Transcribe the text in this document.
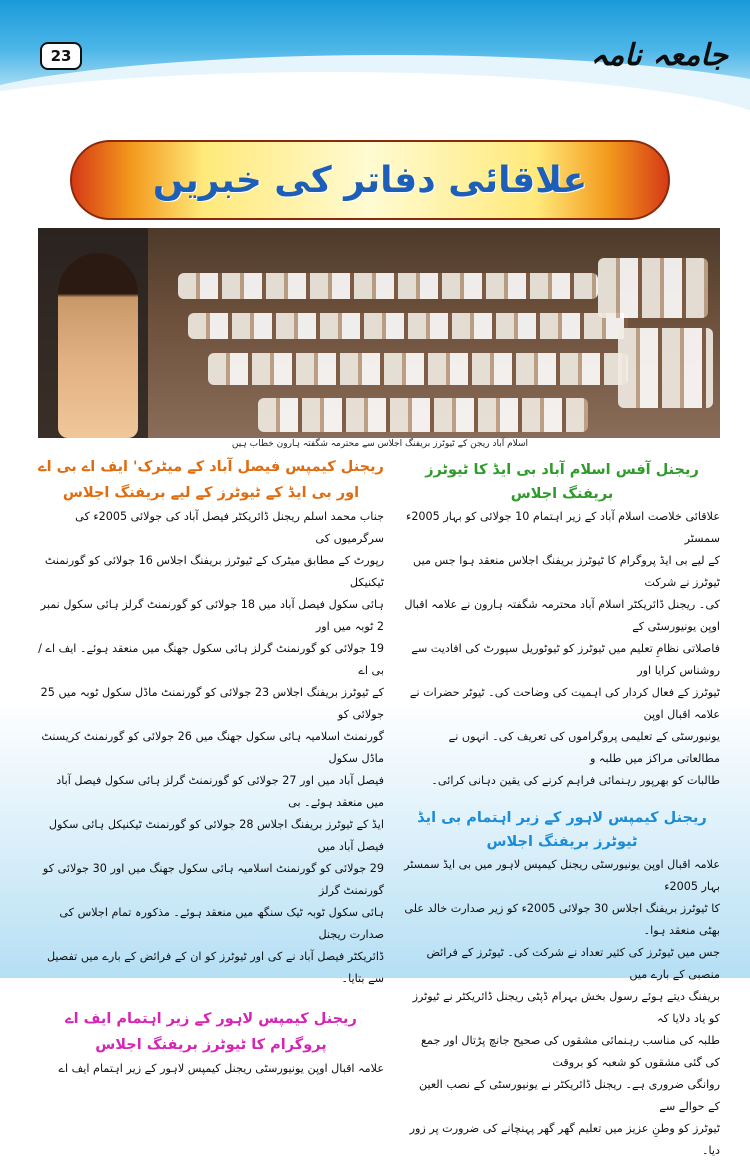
23	جامعہ نامہ
علاقائی دفاتر کی خبریں
اسلام آباد ریجن کے ٹیوٹرز بریفنگ اجلاس سے محترمہ شگفتہ ہارون خطاب ہیں

ریجنل آفس اسلام آباد بی ایڈ کا ٹیوٹرز بریفنگ اجلاس

علاقائی خلاصت اسلام آباد کے زیر اہتمام 10 جولائی کو بہار 2005ء سمسٹر

کے لیے بی ایڈ پروگرام کا ٹیوٹرز بریفنگ اجلاس منعقد ہوا جس میں ٹیوٹرز نے شرکت

کی۔ ریجنل ڈائریکٹر اسلام آباد محترمہ شگفتہ ہارون نے علامہ اقبال اوپن یونیورسٹی کے

فاصلاتی نظامِ تعلیم میں ٹیوٹرز کو ٹیوٹوریل سپورٹ کی افادیت سے روشناس کرایا اور

ٹیوٹرز کے فعال کردار کی اہمیت کی وضاحت کی۔ ٹیوٹر حضرات نے علامہ اقبال اوپن

یونیورسٹی کے تعلیمی پروگراموں کی تعریف کی۔ انہوں نے مطالعاتی مراکز میں طلبہ و

طالبات کو بھرپور رہنمائی فراہم کرنے کی یقین دہانی کرائی۔

ریجنل کیمپس لاہور کے زیر اہتمام بی ایڈ ٹیوٹرز بریفنگ اجلاس

علامہ اقبال اوپن یونیورسٹی ریجنل کیمپس لاہور میں بی ایڈ سمسٹر بہار 2005ء

کا ٹیوٹرز بریفنگ اجلاس 30 جولائی 2005ء کو زیر صدارت خالد علی بھٹی منعقد ہوا۔

جس میں ٹیوٹرز کی کثیر تعداد نے شرکت کی۔ ٹیوٹرز کے فرائض منصبی کے بارے میں

بریفنگ دیتے ہوئے رسول بخش بہرام ڈپٹی ریجنل ڈائریکٹر نے ٹیوٹرز کو یاد دلایا کہ

طلبہ کی مناسب رہنمائی مشقوں کی صحیح جانچ پڑتال اور جمع کی گئی مشقوں کو شعبہ کو بروقت

روانگی ضروری ہے۔ ریجنل ڈائریکٹر نے یونیورسٹی کے نصب العین کے حوالے سے

ٹیوٹرز کو وطنِ عزیز میں تعلیم گھر گھر پہنچانے کی ضرورت پر زور دیا۔

ریجنل کیمپس فیصل آباد کے میٹرک' ایف اے بی اے

اور بی ایڈ کے ٹیوٹرز کے لیے بریفنگ اجلاس

جناب محمد اسلم ریجنل ڈائریکٹر فیصل آباد کی جولائی 2005ء کی سرگرمیوں کی

رپورٹ کے مطابق میٹرک کے ٹیوٹرز بریفنگ اجلاس 16 جولائی کو گورنمنٹ ٹیکنیکل

ہائی سکول فیصل آباد میں 18 جولائی کو گورنمنٹ گرلز ہائی سکول نمبر 2 ٹوبہ میں اور

19 جولائی کو گورنمنٹ گرلز ہائی سکول جھنگ میں منعقد ہوئے۔ ایف اے / بی اے

کے ٹیوٹرز بریفنگ اجلاس 23 جولائی کو گورنمنٹ ماڈل سکول ٹوبہ میں 25 جولائی کو

گورنمنٹ اسلامیہ ہائی سکول جھنگ میں 26 جولائی کو گورنمنٹ کریسنٹ ماڈل سکول

فیصل آباد میں اور 27 جولائی کو گورنمنٹ گرلز ہائی سکول فیصل آباد میں منعقد ہوئے۔ بی

ایڈ کے ٹیوٹرز بریفنگ اجلاس 28 جولائی کو گورنمنٹ ٹیکنیکل ہائی سکول فیصل آباد میں

29 جولائی کو گورنمنٹ اسلامیہ ہائی سکول جھنگ میں اور 30 جولائی کو گورنمنٹ گرلز

ہائی سکول ٹوبہ ٹیک سنگھ میں منعقد ہوئے۔ مذکورہ تمام اجلاس کی صدارت ریجنل

ڈائریکٹر فیصل آباد نے کی اور ٹیوٹرز کو ان کے فرائض کے بارے میں تفصیل سے بتایا۔

ریجنل کیمپس لاہور کے زیر اہتمام ایف اے

پروگرام کا ٹیوٹرز بریفنگ اجلاس

علامہ اقبال اوپن یونیورسٹی ریجنل کیمپس لاہور کے زیر اہتمام ایف اے
